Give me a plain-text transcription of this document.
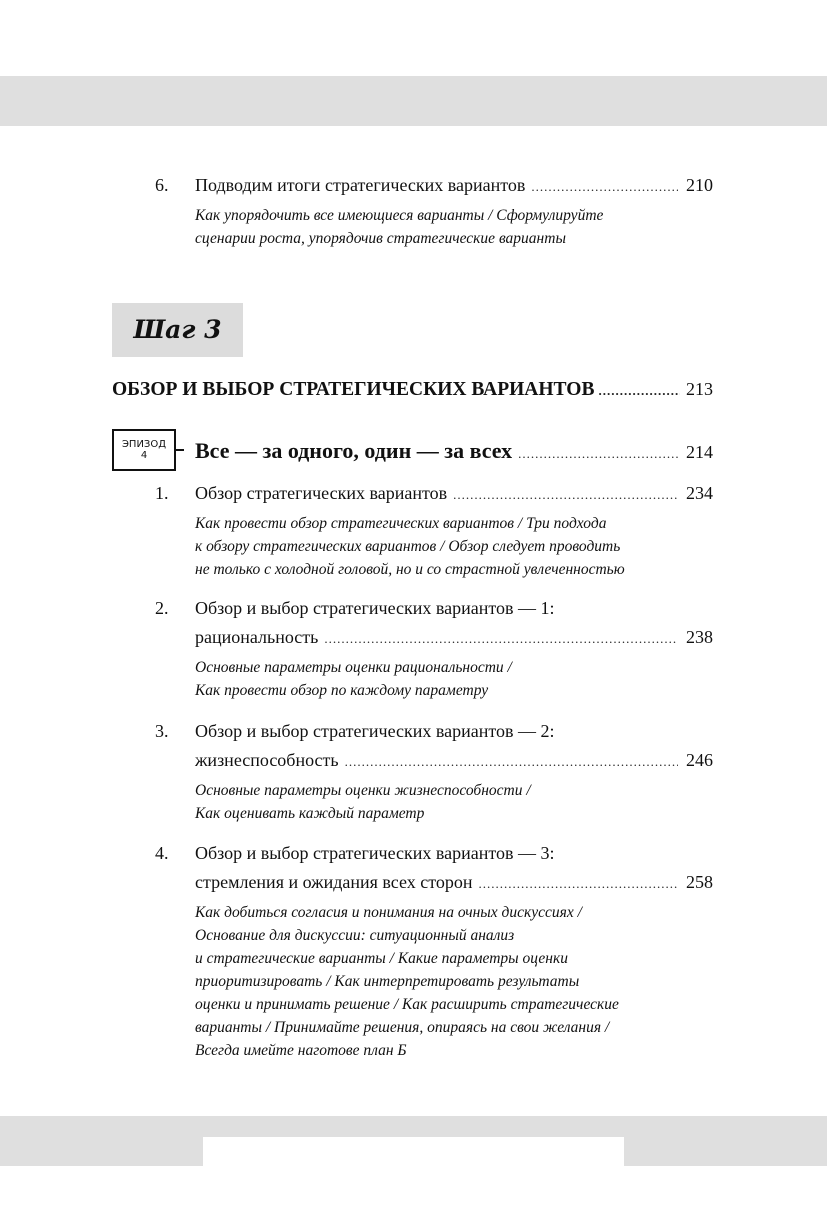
6.	Подводим итоги стратегических вариантов .....	210
Как упорядочить все имеющиеся варианты / Сформулируйте
сценарии роста, упорядочив стратегические варианты
Шаг 3
ОБЗОР И ВЫБОР СТРАТЕГИЧЕСКИХ ВАРИАНТОВ .....	213
ЭПИЗОД
4	Все — за одного, один — за всех .....	214
1.	Обзор стратегических вариантов .....	234
Как провести обзор стратегических вариантов / Три подхода
к обзору стратегических вариантов / Обзор следует проводить
не только с холодной головой, но и со страстной увлеченностью
2.	Обзор и выбор стратегических вариантов — 1:
рациональность .....	238
Основные параметры оценки рациональности /
Как провести обзор по каждому параметру
3.	Обзор и выбор стратегических вариантов — 2:
жизнеспособность .....	246
Основные параметры оценки жизнеспособности /
Как оценивать каждый параметр
4.	Обзор и выбор стратегических вариантов — 3:
стремления и ожидания всех сторон .....	258
Как добиться согласия и понимания на очных дискуссиях /
Основание для дискуссии: ситуационный анализ
и стратегические варианты / Какие параметры оценки
приоритизировать / Как интерпретировать результаты
оценки и принимать решение / Как расширить стратегические
варианты / Принимайте решения, опираясь на свои желания /
Всегда имейте наготове план Б
